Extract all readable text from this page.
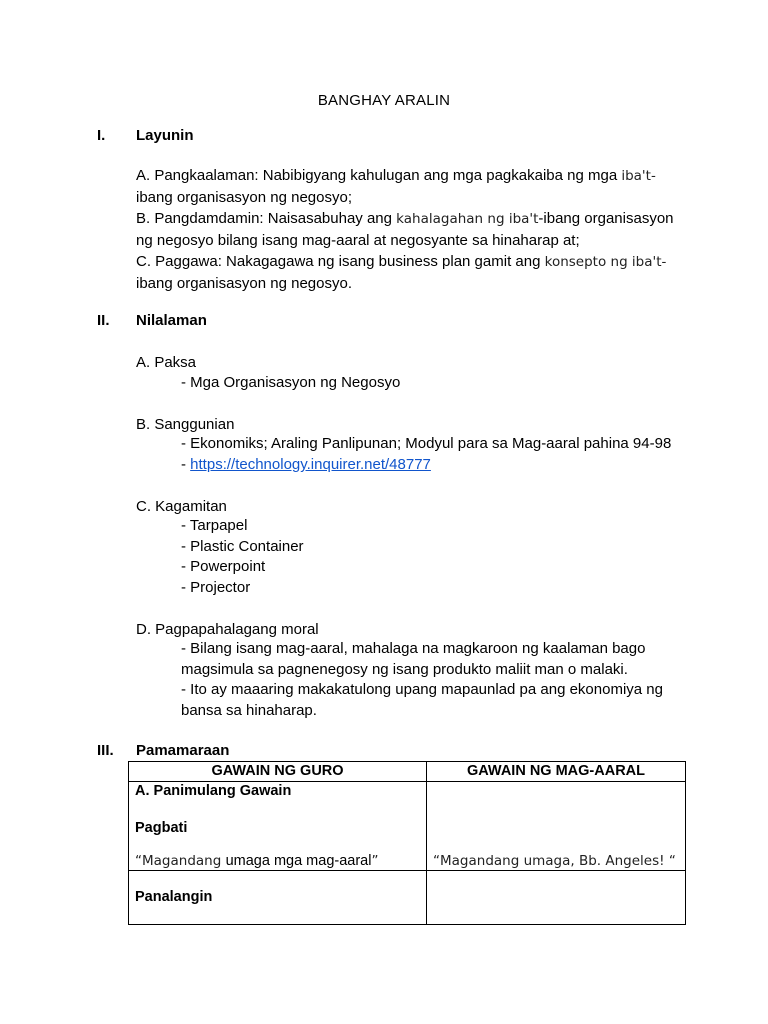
BANGHAY ARALIN
I. Layunin
A. Pangkaalaman: Nabibigyang kahulugan ang mga pagkakaiba ng mga iba't-
ibang organisasyon ng negosyo;
B. Pangdamdamin: Naisasabuhay ang kahalagahan ng iba't-ibang organisasyon
ng negosyo bilang isang mag-aaral at negosyante sa hinaharap at;
C. Paggawa: Nakagagawa ng isang business plan gamit ang konsepto ng iba't-
ibang organisasyon ng negosyo.
II. Nilalaman
A. Paksa
- Mga Organisasyon ng Negosyo
B. Sanggunian
- Ekonomiks; Araling Panlipunan; Modyul para sa Mag-aaral pahina 94-98
- https://technology.inquirer.net/48777
C. Kagamitan
- Tarpapel
- Plastic Container
- Powerpoint
- Projector
D. Pagpapahalagang moral
- Bilang isang mag-aaral, mahalaga na magkaroon ng kaalaman bago
magsimula sa pagnenegosy ng isang produkto maliit man o malaki.
- Ito ay maaaring makakatulong upang mapaunlad pa ang ekonomiya ng
bansa sa hinaharap.
III. Pamamaraan
GAWAIN NG GURO	GAWAIN NG MAG-AARAL

A. Panimulang Gawain
Pagbati
“Magandang umaga mga mag-aaral”	“Magandang umaga, Bb. Angeles! “

Panalangin	
